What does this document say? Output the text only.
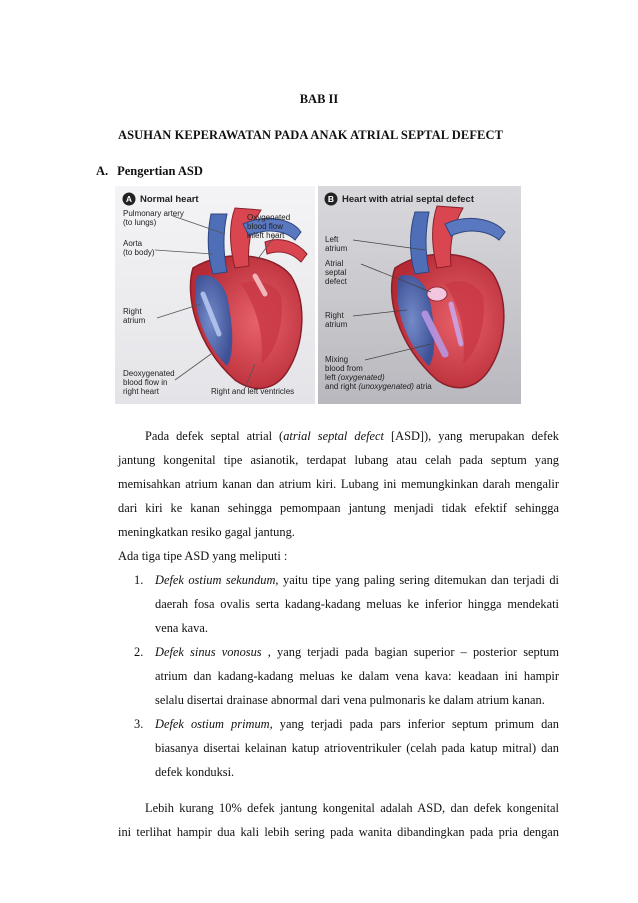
BAB II
ASUHAN KEPERAWATAN PADA ANAK ATRIAL SEPTAL DEFECT
A. Pengertian ASD
A Normal heart
Pulmonary artery
(to lungs)
Aorta
(to body)
Oxygenated
blood flow
inleft heart
Right
atrium
Deoxygenated
blood flow in
right heart	Right and left ventricles
B Heart with atrial septal defect
Left
atrium
Atrial
septal
defect
Right
atrium
Mixing
blood from
left (oxygenated)
and right (unoxygenated) atria
Pada defek septal atrial (atrial septal defect [ASD]), yang merupakan defek
jantung kongenital tipe asianotik, terdapat lubang atau celah pada septum yang
memisahkan atrium kanan dan atrium kiri. Lubang ini memungkinkan darah mengalir
dari kiri ke kanan sehingga pemompaan jantung menjadi tidak efektif sehingga
meningkatkan resiko gagal jantung.
Ada tiga tipe ASD yang meliputi :
1. Defek ostium sekundum, yaitu tipe yang paling sering ditemukan dan terjadi di
daerah fosa ovalis serta kadang-kadang meluas ke inferior hingga mendekati
vena kava.
2. Defek sinus vonosus , yang terjadi pada bagian superior – posterior septum
atrium dan kadang-kadang meluas ke dalam vena kava: keadaan ini hampir
selalu disertai drainase abnormal dari vena pulmonaris ke dalam atrium kanan.
3. Defek ostium primum, yang terjadi pada pars inferior septum primum dan
biasanya disertai kelainan katup atrioventrikuler (celah pada katup mitral) dan
defek konduksi.
Lebih kurang 10% defek jantung kongenital adalah ASD, dan defek kongenital
ini terlihat hampir dua kali lebih sering pada wanita dibandingkan pada pria dengan
